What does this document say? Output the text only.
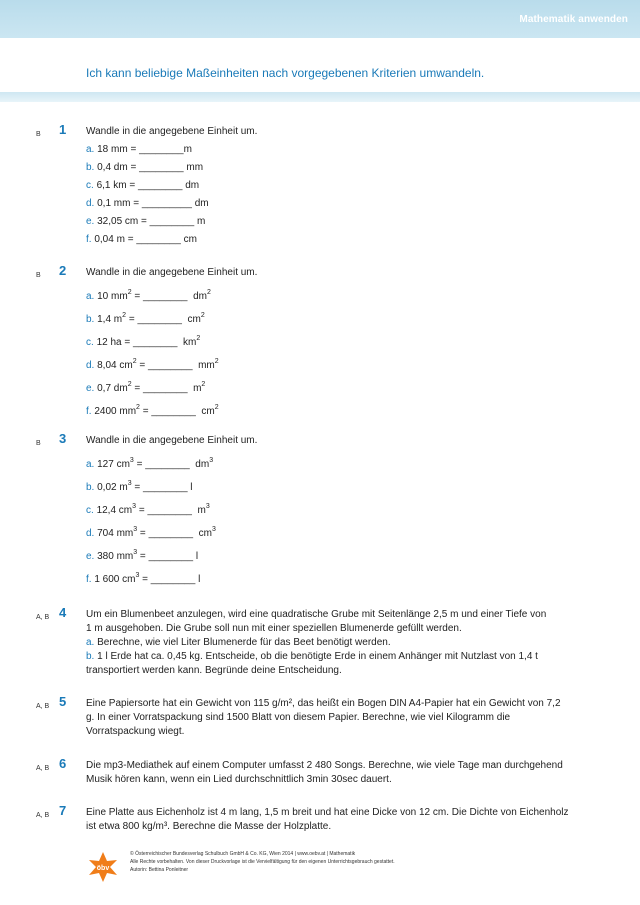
Mathematik anwenden
Ich kann beliebige Maßeinheiten nach vorgegebenen Kriterien umwandeln.
B 1 Wandle in die angegebene Einheit um.
a. 18 mm = ________m
b. 0,4 dm = ________ mm
c. 6,1 km = ________ dm
d. 0,1 mm = _________ dm
e. 32,05 cm = ________ m
f. 0,04 m = ________ cm
B 2 Wandle in die angegebene Einheit um.
a. 10 $mm^2$ = ________ $dm^2$
b. 1,4 $m^2$ = ________ $cm^2$
c. 12 ha = ________ $km^2$
d. 8,04 $cm^2$ = ________ $mm^2$
e. 0,7 $dm^2$ = ________ $m^2$
f. 2400 $mm^2$ = ________ $cm^2$
B 3 Wandle in die angegebene Einheit um.
a. 127 $cm^3$ = ________ $dm^3$
b. 0,02 $m^3$ = ________ l
c. 12,4 $cm^3$ = ________ $m^3$
d. 704 $mm^3$ = ________ $cm^3$
e. 380 $mm^3$ = ________ l
f. 1 600 $cm^3$ = ________ l
A, B 4 Um ein Blumenbeet anzulegen, wird eine quadratische Grube mit Seitenlänge 2,5 m und einer Tiefe von
1 m ausgehoben. Die Grube soll nun mit einer speziellen Blumenerde gefüllt werden.
a. Berechne, wie viel Liter Blumenerde für das Beet benötigt werden.
b. 1 l Erde hat ca. 0,45 kg. Entscheide, ob die benötigte Erde in einem Anhänger mit Nutzlast von 1,4 t
transportiert werden kann. Begründe deine Entscheidung.
A, B 5 Eine Papiersorte hat ein Gewicht von 115 g/m², das heißt ein Bogen DIN A4-Papier hat ein Gewicht von 7,2
g. In einer Vorratspackung sind 1500 Blatt von diesem Papier. Berechne, wie viel Kilogramm die
Vorratspackung wiegt.
A, B 6 Die mp3-Mediathek auf einem Computer umfasst 2 480 Songs. Berechne, wie viele Tage man durchgehend
Musik hören kann, wenn ein Lied durchschnittlich 3min 30sec dauert.
A, B 7 Eine Platte aus Eichenholz ist 4 m lang, 1,5 m breit und hat eine Dicke von 12 cm. Die Dichte von Eichenholz
ist etwa 800 kg/m³. Berechne die Masse der Holzplatte.
öbv
© Österreichischer Bundesverlag Schulbuch GmbH & Co. KG, Wien 2014 | www.oebv.at | Mathematik
Alle Rechte vorbehalten. Von dieser Druckvorlage ist die Vervielfältigung für den eigenen Unterrichtsgebrauch gestattet.
Autorin: Bettina Ponleitner
